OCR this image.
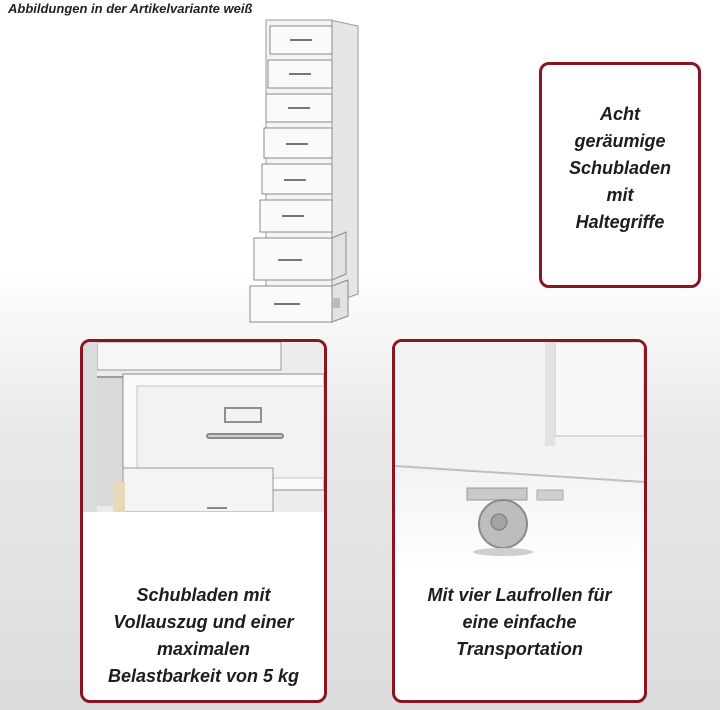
Abbildungen in der Artikelvariante weiß
Acht
geräumige
Schubladen
mit
Haltegriffe
Schubladen mit
Vollauszug und einer
maximalen
Belastbarkeit von 5 kg
Mit vier Laufrollen für
eine einfache
Transportation
